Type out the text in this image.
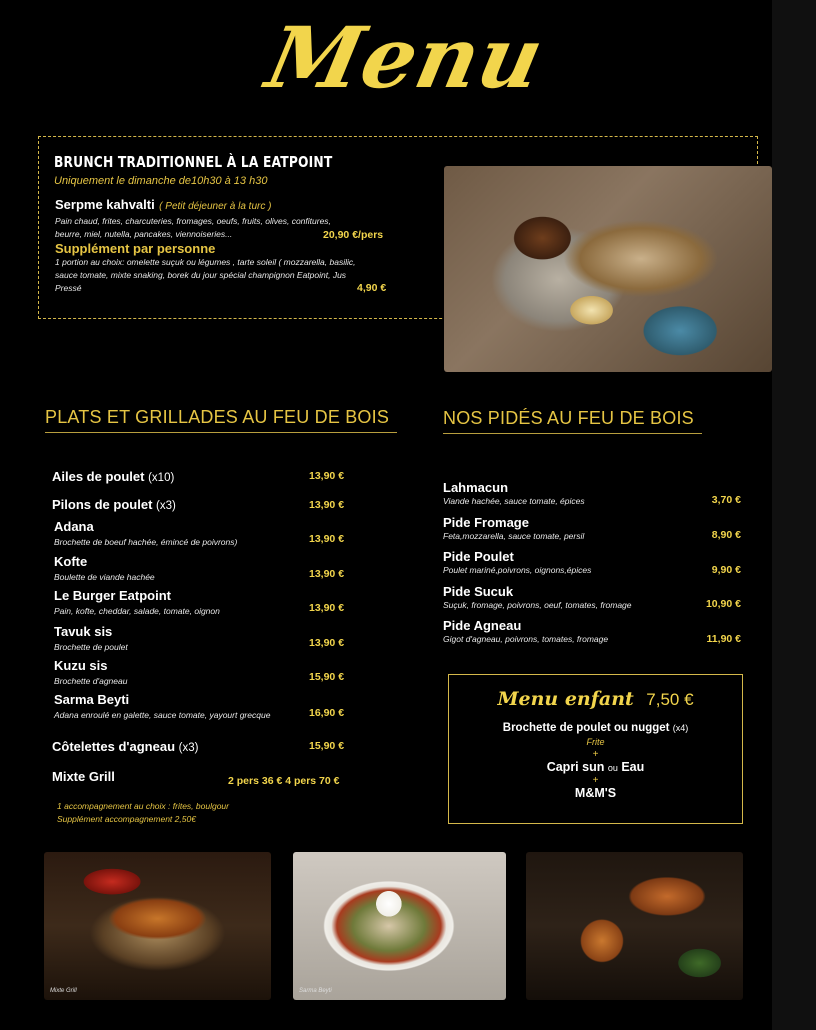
Menu
BRUNCH TRADITIONNEL À LA EATPOINT
Uniquement le dimanche de10h30 à 13 h30
Serpme kahvalti ( Petit déjeuner à la turc )
Pain chaud, frites, charcuteries, fromages, oeufs, fruits, olives, confitures, beurre, miel, nutella, pancakes, viennoiseries...	20,90 €/pers
Supplément par personne
1 portion au choix: omelette suçuk ou légumes , tarte soleil ( mozzarella, basilic, sauce tomate, mixte snaking, borek du jour spécial champignon Eatpoint, Jus Pressé	4,90 €
PLATS ET GRILLADES AU FEU DE BOIS
Ailes de poulet (x10)	13,90 €
Pilons de poulet (x3)	13,90 €
Adana
Brochette de boeuf hachée, émincé de poivrons)	13,90 €
Kofte
Boulette de viande hachée	13,90 €
Le Burger Eatpoint
Pain, kofte, cheddar, salade, tomate, oignon	13,90 €
Tavuk sis
Brochette de poulet	13,90 €
Kuzu sis
Brochette d'agneau	15,90 €
Sarma Beyti
Adana enroulé en galette, sauce tomate, yayourt grecque	16,90 €
Côtelettes d'agneau (x3)	15,90 €
Mixte Grill	2 pers 36 € 4 pers 70 €
1 accompagnement au choix : frites, boulgour
Supplément accompagnement 2,50€
NOS PIDÉS AU FEU DE BOIS
Lahmacun
Viande hachée, sauce tomate, épices	3,70 €
Pide Fromage
Feta,mozzarella, sauce tomate, persil	8,90 €
Pide Poulet
Poulet mariné,poivrons, oignons,épices	9,90 €
Pide Sucuk
Suçuk, fromage, poivrons, oeuf, tomates, fromage	10,90 €
Pide Agneau
Gigot d'agneau, poivrons, tomates, fromage	11,90 €
Menu enfant 7,50 €
Brochette de poulet ou nugget (x4)
Frite
+
Capri sun ou Eau
+
M&M'S
Mixte Grill	Sarma Beyti
